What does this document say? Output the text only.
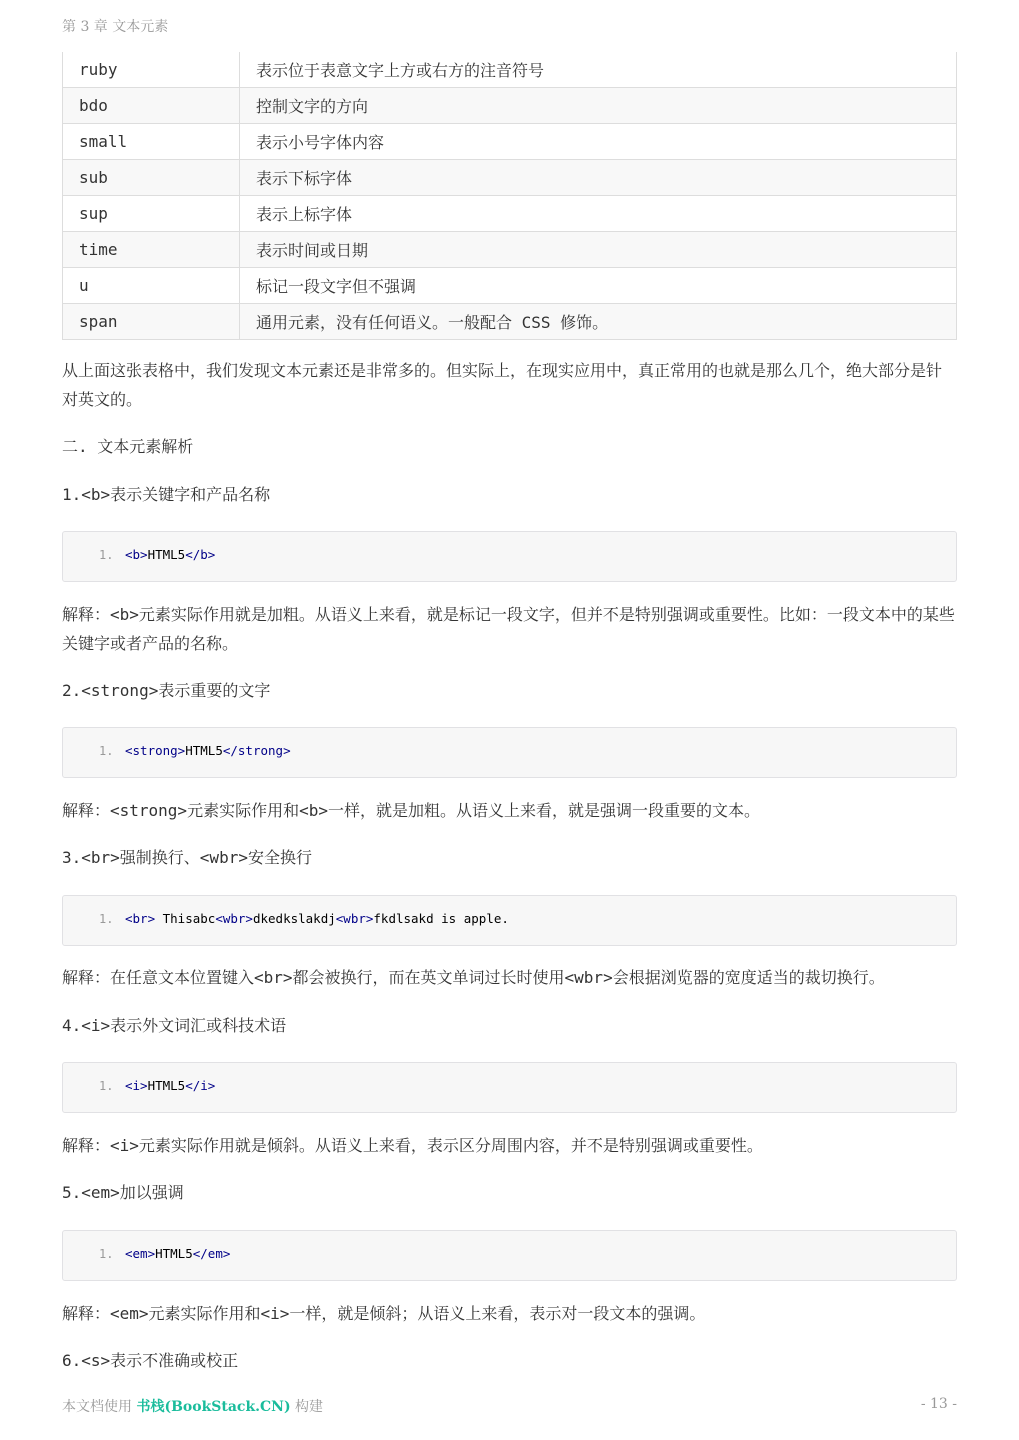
第 3 章 文本元素
ruby	表示位于表意文字上方或右方的注音符号
bdo	控制文字的方向
small	表示小号字体内容
sub	表示下标字体
sup	表示上标字体
time	表示时间或日期
u	标记一段文字但不强调
span	通用元素，没有任何语义。一般配合 CSS 修饰。
从上面这张表格中，我们发现文本元素还是非常多的。但实际上，在现实应用中，真正常用的也就是那么几个，绝大部分是针对英文的。
二. 文本元素解析
1.<b>表示关键字和产品名称
1. <b>HTML5</b>
解释：<b>元素实际作用就是加粗。从语义上来看，就是标记一段文字，但并不是特别强调或重要性。比如：一段文本中的某些关键字或者产品的名称。
2.<strong>表示重要的文字
1. <strong>HTML5</strong>
解释：<strong>元素实际作用和<b>一样，就是加粗。从语义上来看，就是强调一段重要的文本。
3.<br>强制换行、<wbr>安全换行
1. <br> Thisabc<wbr>dkedkslakdj<wbr>fkdlsakd is apple.
解释：在任意文本位置键入<br>都会被换行，而在英文单词过长时使用<wbr>会根据浏览器的宽度适当的裁切换行。
4.<i>表示外文词汇或科技术语
1. <i>HTML5</i>
解释：<i>元素实际作用就是倾斜。从语义上来看，表示区分周围内容，并不是特别强调或重要性。
5.<em>加以强调
1. <em>HTML5</em>
解释：<em>元素实际作用和<i>一样，就是倾斜；从语义上来看，表示对一段文本的强调。
6.<s>表示不准确或校正
本文档使用 书栈(BookStack.CN) 构建	- 13 -
